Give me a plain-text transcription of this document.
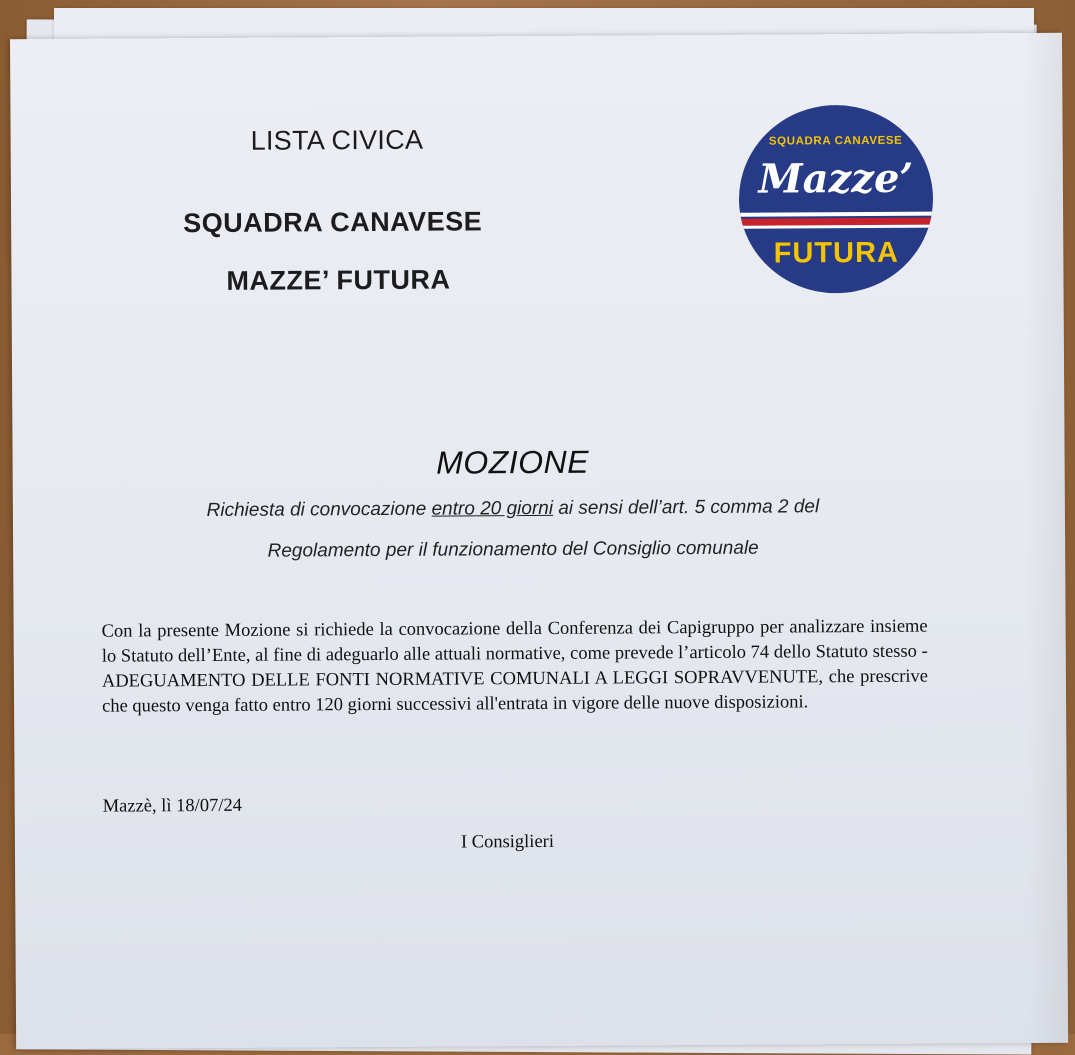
LISTA CIVICA
SQUADRA CANAVESE
MAZZE’ FUTURA
SQUADRA CANAVESE
Mazze’
FUTURA
MOZIONE
Richiesta di convocazione entro 20 giorni ai sensi dell’art. 5 comma 2 del
Regolamento per il funzionamento del Consiglio comunale
Con la presente Mozione si richiede la convocazione della Conferenza dei Capigruppo per analizzare insieme lo Statuto dell’Ente, al fine di adeguarlo alle attuali normative, come prevede l’articolo 74 dello Statuto stesso - ADEGUAMENTO DELLE FONTI NORMATIVE COMUNALI A LEGGI SOPRAVVENUTE, che prescrive che questo venga fatto entro 120 giorni successivi all'entrata in vigore delle nuove disposizioni.
Mazzè, lì 18/07/24
I Consiglieri
